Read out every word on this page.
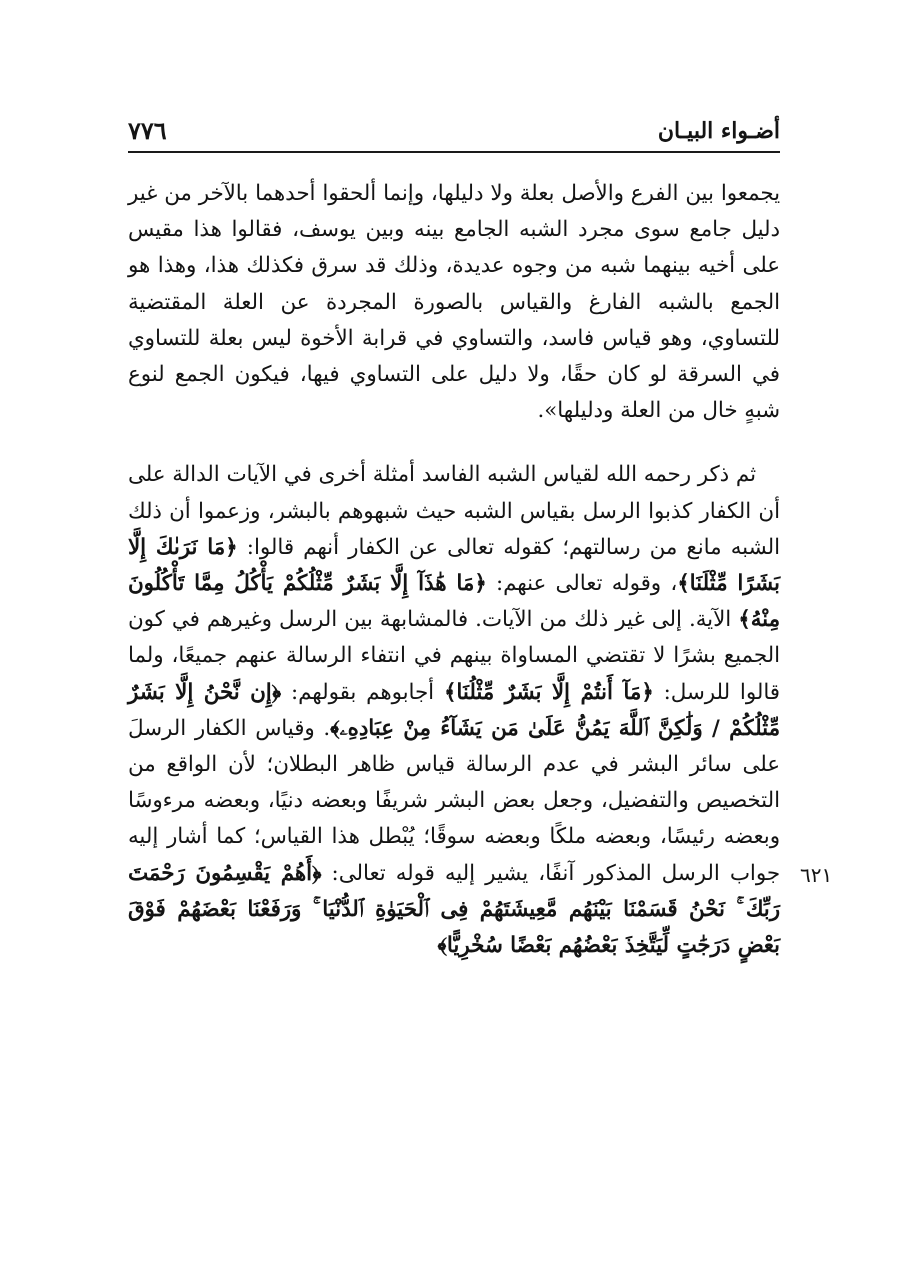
أضـواء البيـان
٧٧٦

يجمعوا بين الفرع والأصل بعلة ولا دليلها، وإنما ألحقوا أحدهما بالآخر من غير دليل جامع سوى مجرد الشبه الجامع بينه وبين يوسف، فقالوا هذا مقيس على أخيه بينهما شبه من وجوه عديدة، وذلك قد سرق فكذلك هذا، وهذا هو الجمع بالشبه الفارغ والقياس بالصورة المجردة عن العلة المقتضية للتساوي، وهو قياس فاسد، والتساوي في قرابة الأخوة ليس بعلة للتساوي في السرقة لو كان حقًا، ولا دليل على التساوي فيها، فيكون الجمع لنوع شبهٍ خال من العلة ودليلها».

ثم ذكر رحمه الله لقياس الشبه الفاسد أمثلة أخرى في الآيات الدالة على أن الكفار كذبوا الرسل بقياس الشبه حيث شبهوهم بالبشر، وزعموا أن ذلك الشبه مانع من رسالتهم؛ كقوله تعالى عن الكفار أنهم قالوا: ﴿مَا نَرَىٰكَ إِلَّا بَشَرًا مِّثْلَنَا﴾، وقوله تعالى عنهم: ﴿مَا هَٰذَآ إِلَّا بَشَرٌ مِّثْلُكُمْ يَأْكُلُ مِمَّا تَأْكُلُونَ مِنْهُ﴾ الآية. إلى غير ذلك من الآيات. فالمشابهة بين الرسل وغيرهم في كون الجميع بشرًا لا تقتضي المساواة بينهم في انتفاء الرسالة عنهم جميعًا، ولما قالوا للرسل: ﴿مَآ أَنتُمْ إِلَّا بَشَرٌ مِّثْلُنَا﴾ أجابوهم بقولهم: ﴿إِن نَّحْنُ إِلَّا بَشَرٌ مِّثْلُكُمْ / وَلَٰكِنَّ ٱللَّهَ يَمُنُّ عَلَىٰ مَن يَشَآءُ مِنْ عِبَادِهِۦ﴾. وقياس الكفار الرسلَ على سائر البشر في عدم الرسالة قياس ظاهر البطلان؛ لأن الواقع من التخصيص والتفضيل، وجعل بعض البشر شريفًا وبعضه دنيًا، وبعضه مرءوسًا وبعضه رئيسًا، وبعضه ملكًا وبعضه سوقًا؛ يُبْطل هذا القياس؛ كما أشار إليه جواب الرسل المذكور آنفًا، يشير إليه قوله تعالى: ﴿أَهُمْ يَقْسِمُونَ رَحْمَتَ رَبِّكَ ۚ نَحْنُ قَسَمْنَا بَيْنَهُم مَّعِيشَتَهُمْ فِى ٱلْحَيَوٰةِ ٱلدُّنْيَا ۚ وَرَفَعْنَا بَعْضَهُمْ فَوْقَ بَعْضٍ دَرَجَٰتٍ لِّيَتَّخِذَ بَعْضُهُم بَعْضًا سُخْرِيًّا﴾

٦٢١
